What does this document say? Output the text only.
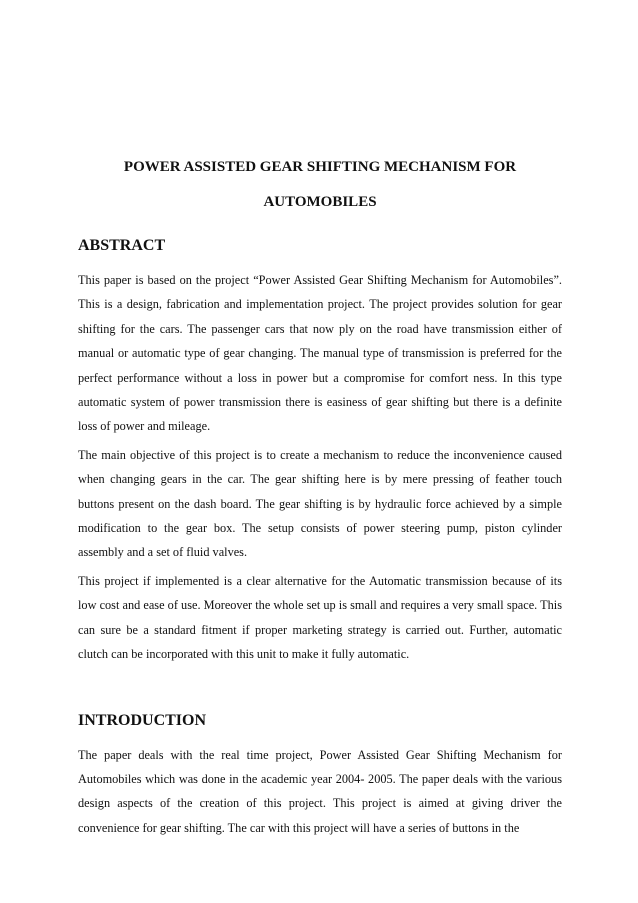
POWER ASSISTED GEAR SHIFTING MECHANISM FOR
AUTOMOBILES
ABSTRACT

This paper is based on the project “Power Assisted Gear Shifting Mechanism for Automobiles”. This is a design, fabrication and implementation project. The project provides solution for gear shifting for the cars. The passenger cars that now ply on the road have transmission either of manual or automatic type of gear changing. The manual type of transmission is preferred for the perfect performance without a loss in power but a compromise for comfort ness. In this type automatic system of power transmission there is easiness of gear shifting but there is a definite loss of power and mileage.

The main objective of this project is to create a mechanism to reduce the inconvenience caused when changing gears in the car. The gear shifting here is by mere pressing of feather touch buttons present on the dash board. The gear shifting is by hydraulic force achieved by a simple modification to the gear box. The setup consists of power steering pump, piston cylinder assembly and a set of fluid valves.

This project if implemented is a clear alternative for the Automatic transmission because of its low cost and ease of use. Moreover the whole set up is small and requires a very small space. This can sure be a standard fitment if proper marketing strategy is carried out. Further, automatic clutch can be incorporated with this unit to make it fully automatic.

INTRODUCTION

The paper deals with the real time project, Power Assisted Gear Shifting Mechanism for Automobiles which was done in the academic year 2004- 2005. The paper deals with the various design aspects of the creation of this project. This project is aimed at giving driver the convenience for gear shifting. The car with this project will have a series of buttons in the
